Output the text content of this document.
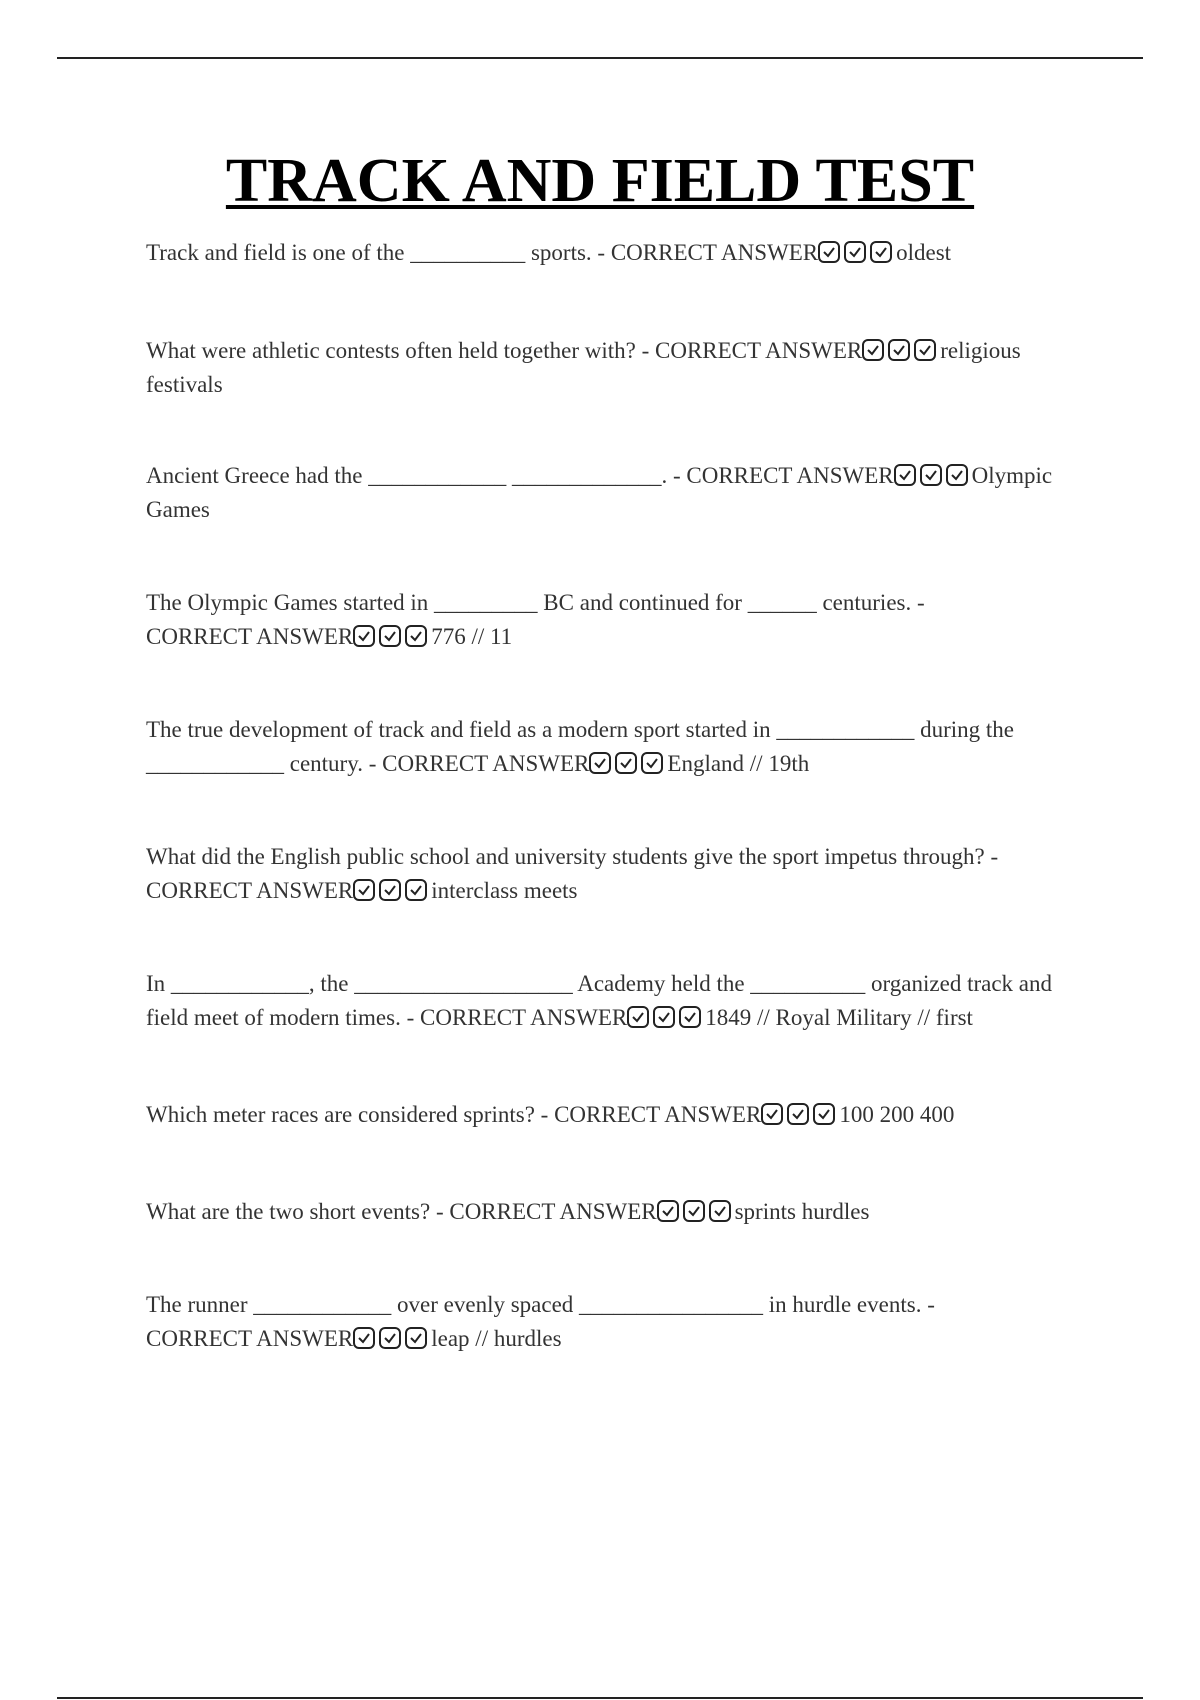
TRACK AND FIELD TEST

Track and field is one of the __________ sports. - CORRECT ANSWER	oldest

What were athletic contests often held together with? - CORRECT ANSWER	religious festivals

Ancient Greece had the ____________ _____________. - CORRECT ANSWER	Olympic Games

The Olympic Games started in _________ BC and continued for ______ centuries. - CORRECT ANSWER	776 // 11

The true development of track and field as a modern sport started in ____________ during the ____________ century. - CORRECT ANSWER	England // 19th

What did the English public school and university students give the sport impetus through? - CORRECT ANSWER	interclass meets

In ____________, the ___________________ Academy held the __________ organized track and field meet of modern times. - CORRECT ANSWER	1849 // Royal Military // first

Which meter races are considered sprints? - CORRECT ANSWER	100 200 400

What are the two short events? - CORRECT ANSWER	sprints hurdles

The runner ____________ over evenly spaced ________________ in hurdle events. - CORRECT ANSWER	leap // hurdles
